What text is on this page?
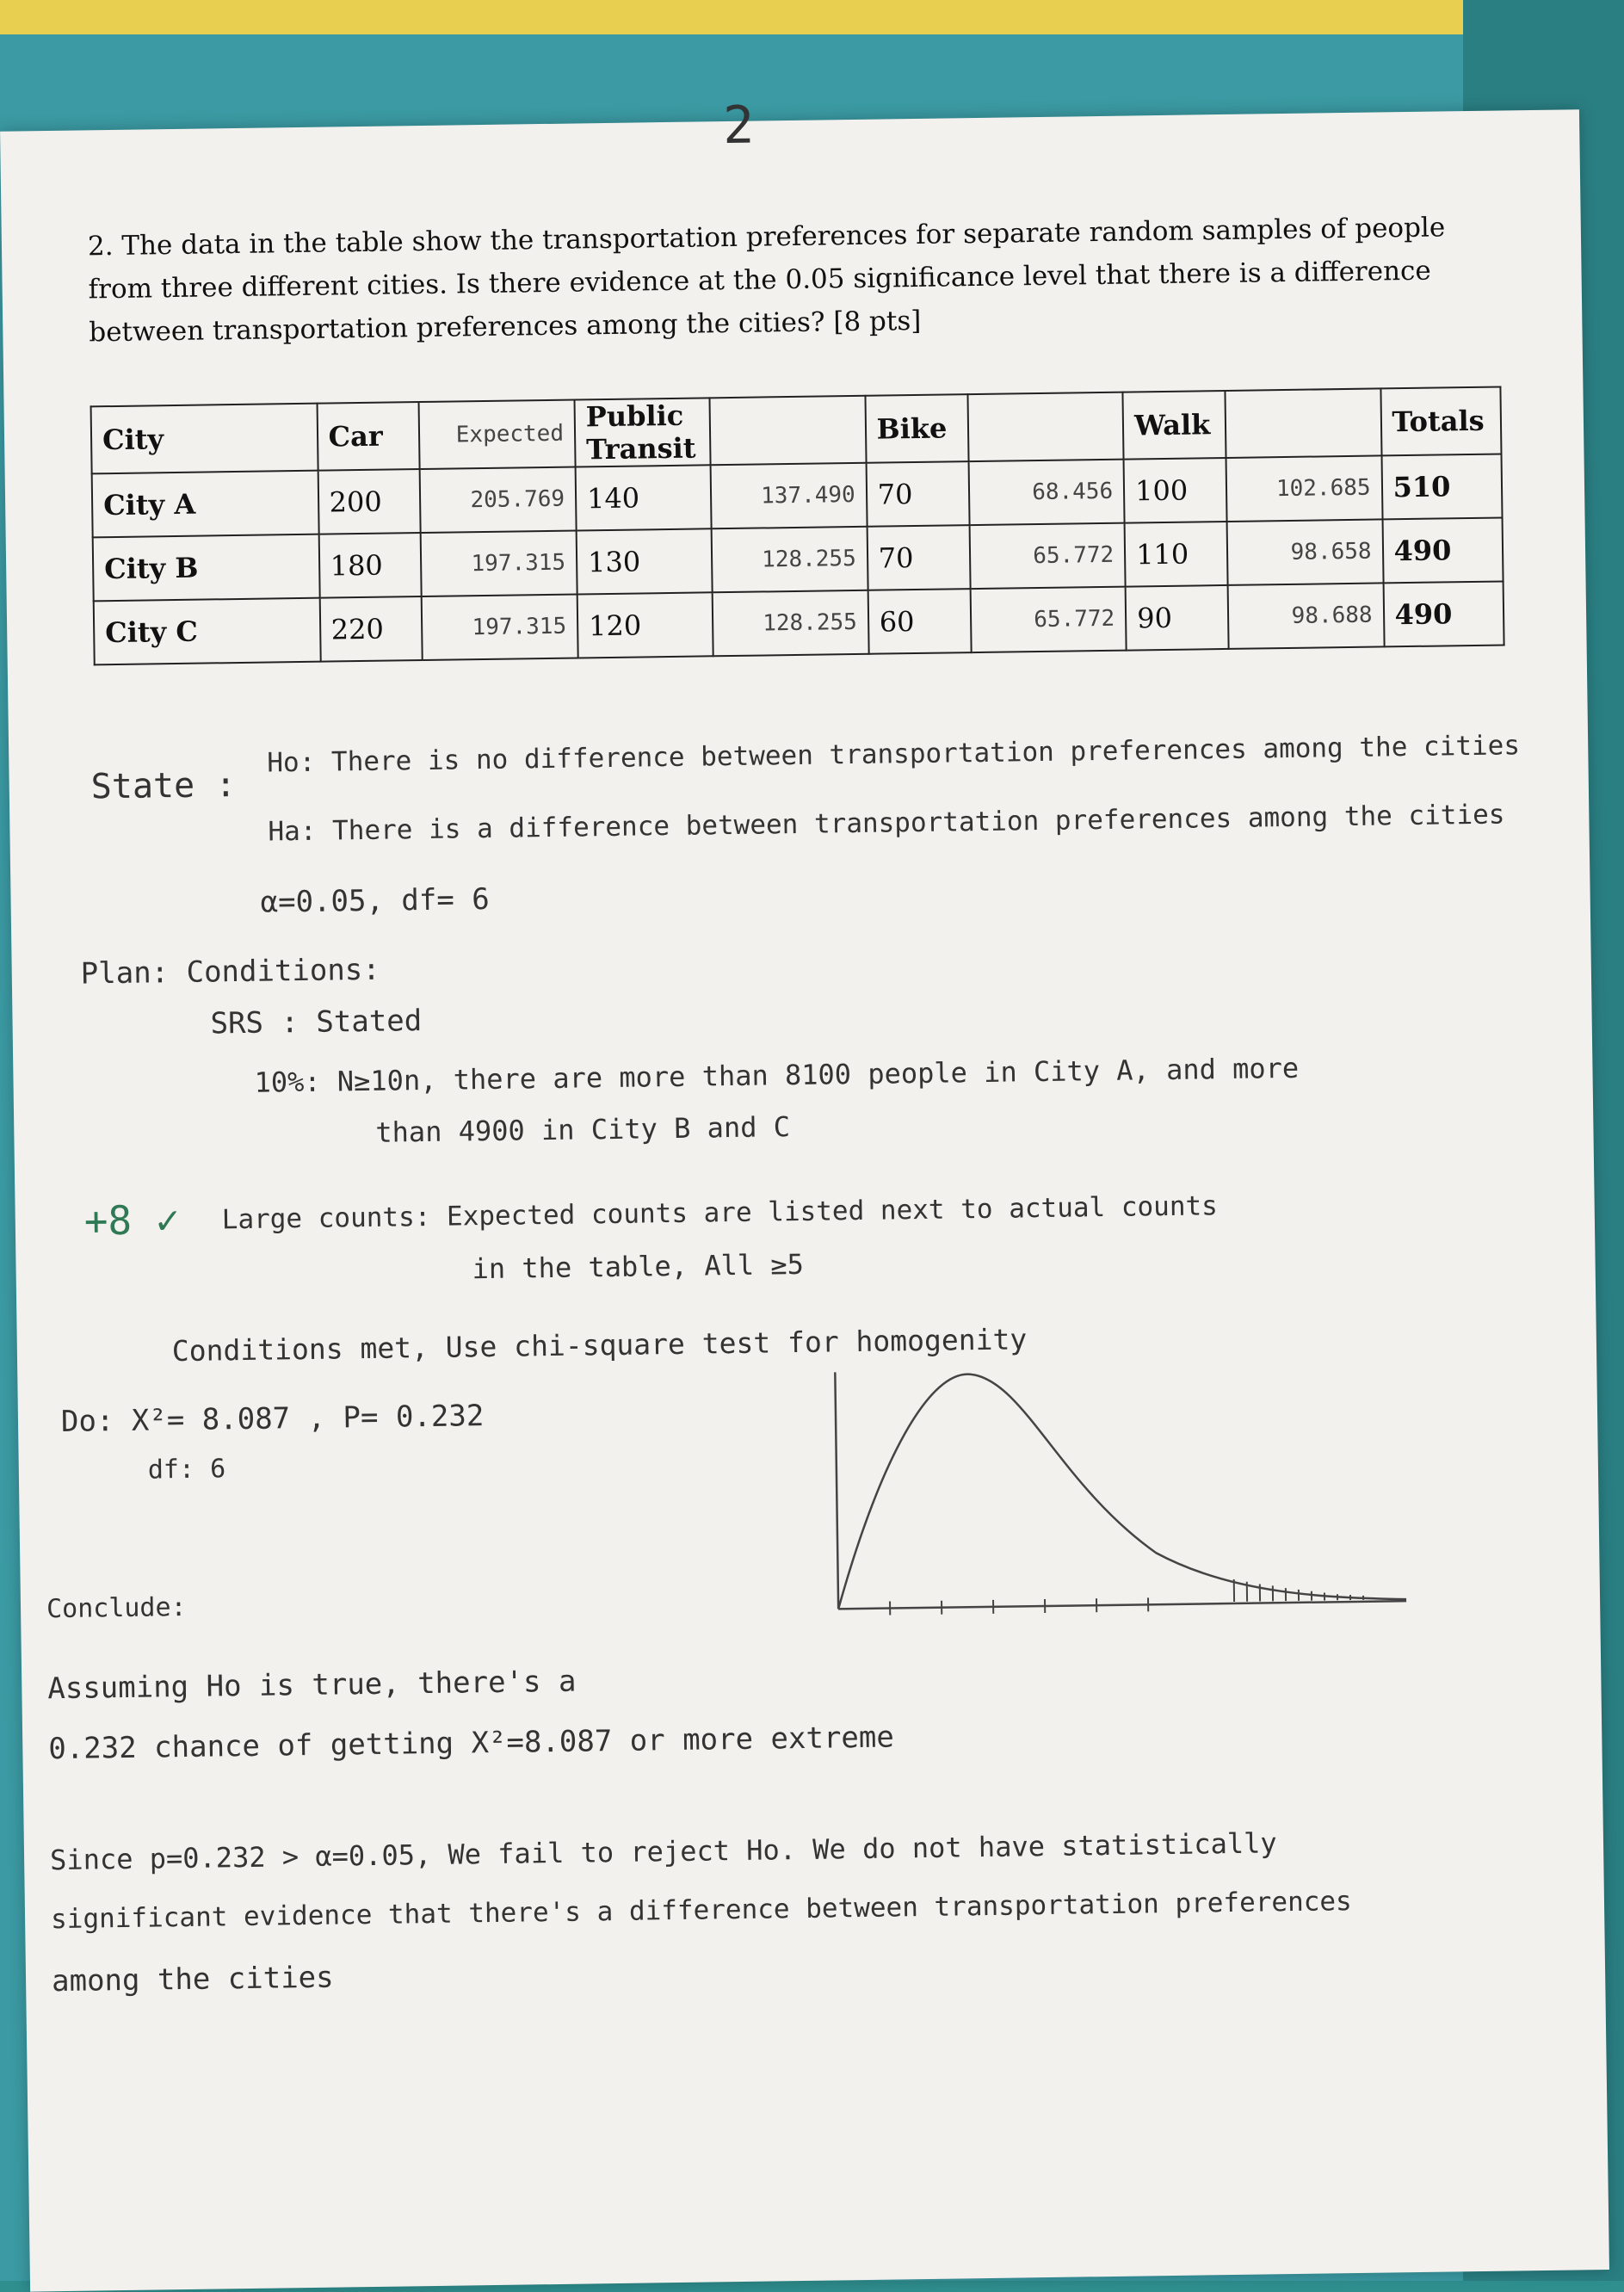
2
2. The data in the table show the transportation preferences for separate random samples of people from three different cities. Is there evidence at the 0.05 significance level that there is a difference between transportation preferences among the cities? [8 pts]
City	Car	Expected	Public Transit		Bike		Walk		Totals
City A	200	205.769	140	137.490	70	68.456	100	102.685	510
City B	180	197.315	130	128.255	70	65.772	110	98.658	490
City C	220	197.315	120	128.255	60	65.772	90	98.688	490
State :
Ho: There is no difference between transportation preferences among the cities
Ha: There is a difference between transportation preferences among the cities
α=0.05, df= 6
Plan: Conditions:
SRS : Stated
10%: N≥10n, there are more than 8100 people in City A, and more
than 4900 in City B and C
+8 ✓ Large counts: Expected counts are listed next to actual counts
in the table, All ≥5
Conditions met, Use chi-square test for homogenity
Do: X²= 8.087 , P= 0.232
df: 6
Conclude:
Assuming Ho is true, there's a
0.232 chance of getting X²=8.087 or more extreme
Since p=0.232 > α=0.05, We fail to reject Ho. We do not have statistically
significant evidence that there's a difference between transportation preferences
among the cities
